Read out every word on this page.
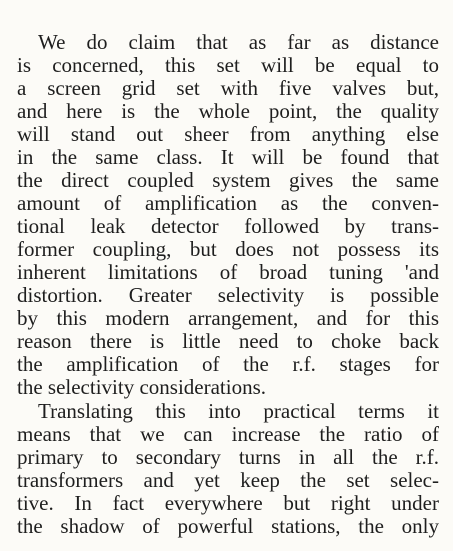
We do claim that as far as distance
is concerned, this set will be equal to
a screen grid set with five valves but,
and here is the whole point, the quality
will stand out sheer from anything else
in the same class. It will be found that
the direct coupled system gives the same
amount of amplification as the conven-
tional leak detector followed by trans-
former coupling, but does not possess its
inherent limitations of broad tuning 'and
distortion. Greater selectivity is possible
by this modern arrangement, and for this
reason there is little need to choke back
the amplification of the r.f. stages for
the selectivity considerations.
Translating this into practical terms it
means that we can increase the ratio of
primary to secondary turns in all the r.f.
transformers and yet keep the set selec-
tive. In fact everywhere but right under
the shadow of powerful stations, the only
